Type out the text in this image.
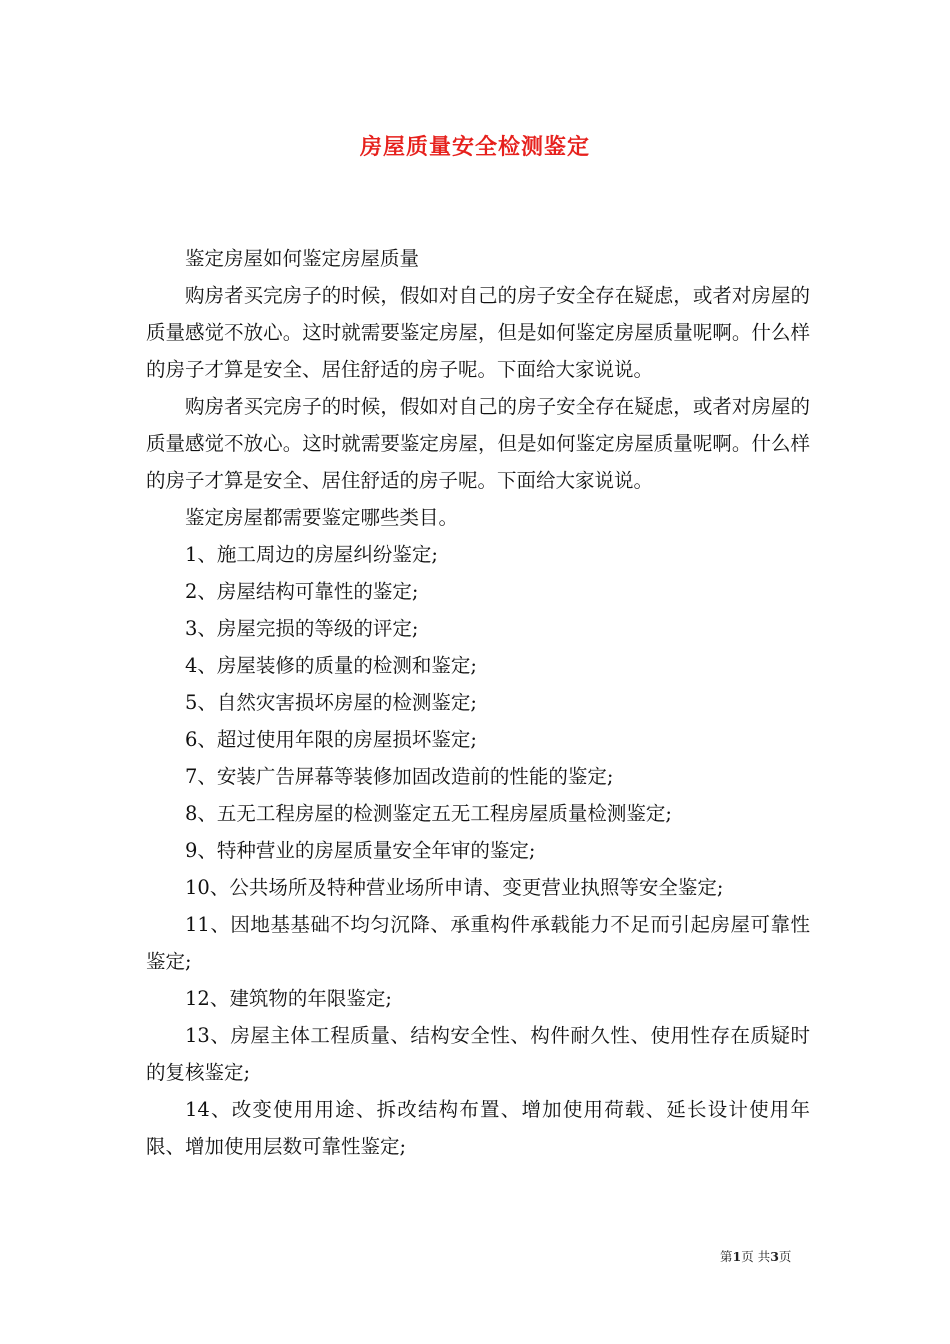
房屋质量安全检测鉴定

鉴定房屋如何鉴定房屋质量

购房者买完房子的时候，假如对自己的房子安全存在疑虑，或者对房屋的质量感觉不放心。这时就需要鉴定房屋，但是如何鉴定房屋质量呢啊。什么样的房子才算是安全、居住舒适的房子呢。下面给大家说说。

购房者买完房子的时候，假如对自己的房子安全存在疑虑，或者对房屋的质量感觉不放心。这时就需要鉴定房屋，但是如何鉴定房屋质量呢啊。什么样的房子才算是安全、居住舒适的房子呢。下面给大家说说。

鉴定房屋都需要鉴定哪些类目。

1、施工周边的房屋纠纷鉴定;

2、房屋结构可靠性的鉴定;

3、房屋完损的等级的评定;

4、房屋装修的质量的检测和鉴定;

5、自然灾害损坏房屋的检测鉴定;

6、超过使用年限的房屋损坏鉴定;

7、安装广告屏幕等装修加固改造前的性能的鉴定;

8、五无工程房屋的检测鉴定五无工程房屋质量检测鉴定;

9、特种营业的房屋质量安全年审的鉴定;

10、公共场所及特种营业场所申请、变更营业执照等安全鉴定;

11、因地基基础不均匀沉降、承重构件承载能力不足而引起房屋可靠性鉴定;

12、建筑物的年限鉴定;

13、房屋主体工程质量、结构安全性、构件耐久性、使用性存在质疑时的复核鉴定;

14、改变使用用途、拆改结构布置、增加使用荷载、延长设计使用年限、增加使用层数可靠性鉴定;

第1页 共3页
